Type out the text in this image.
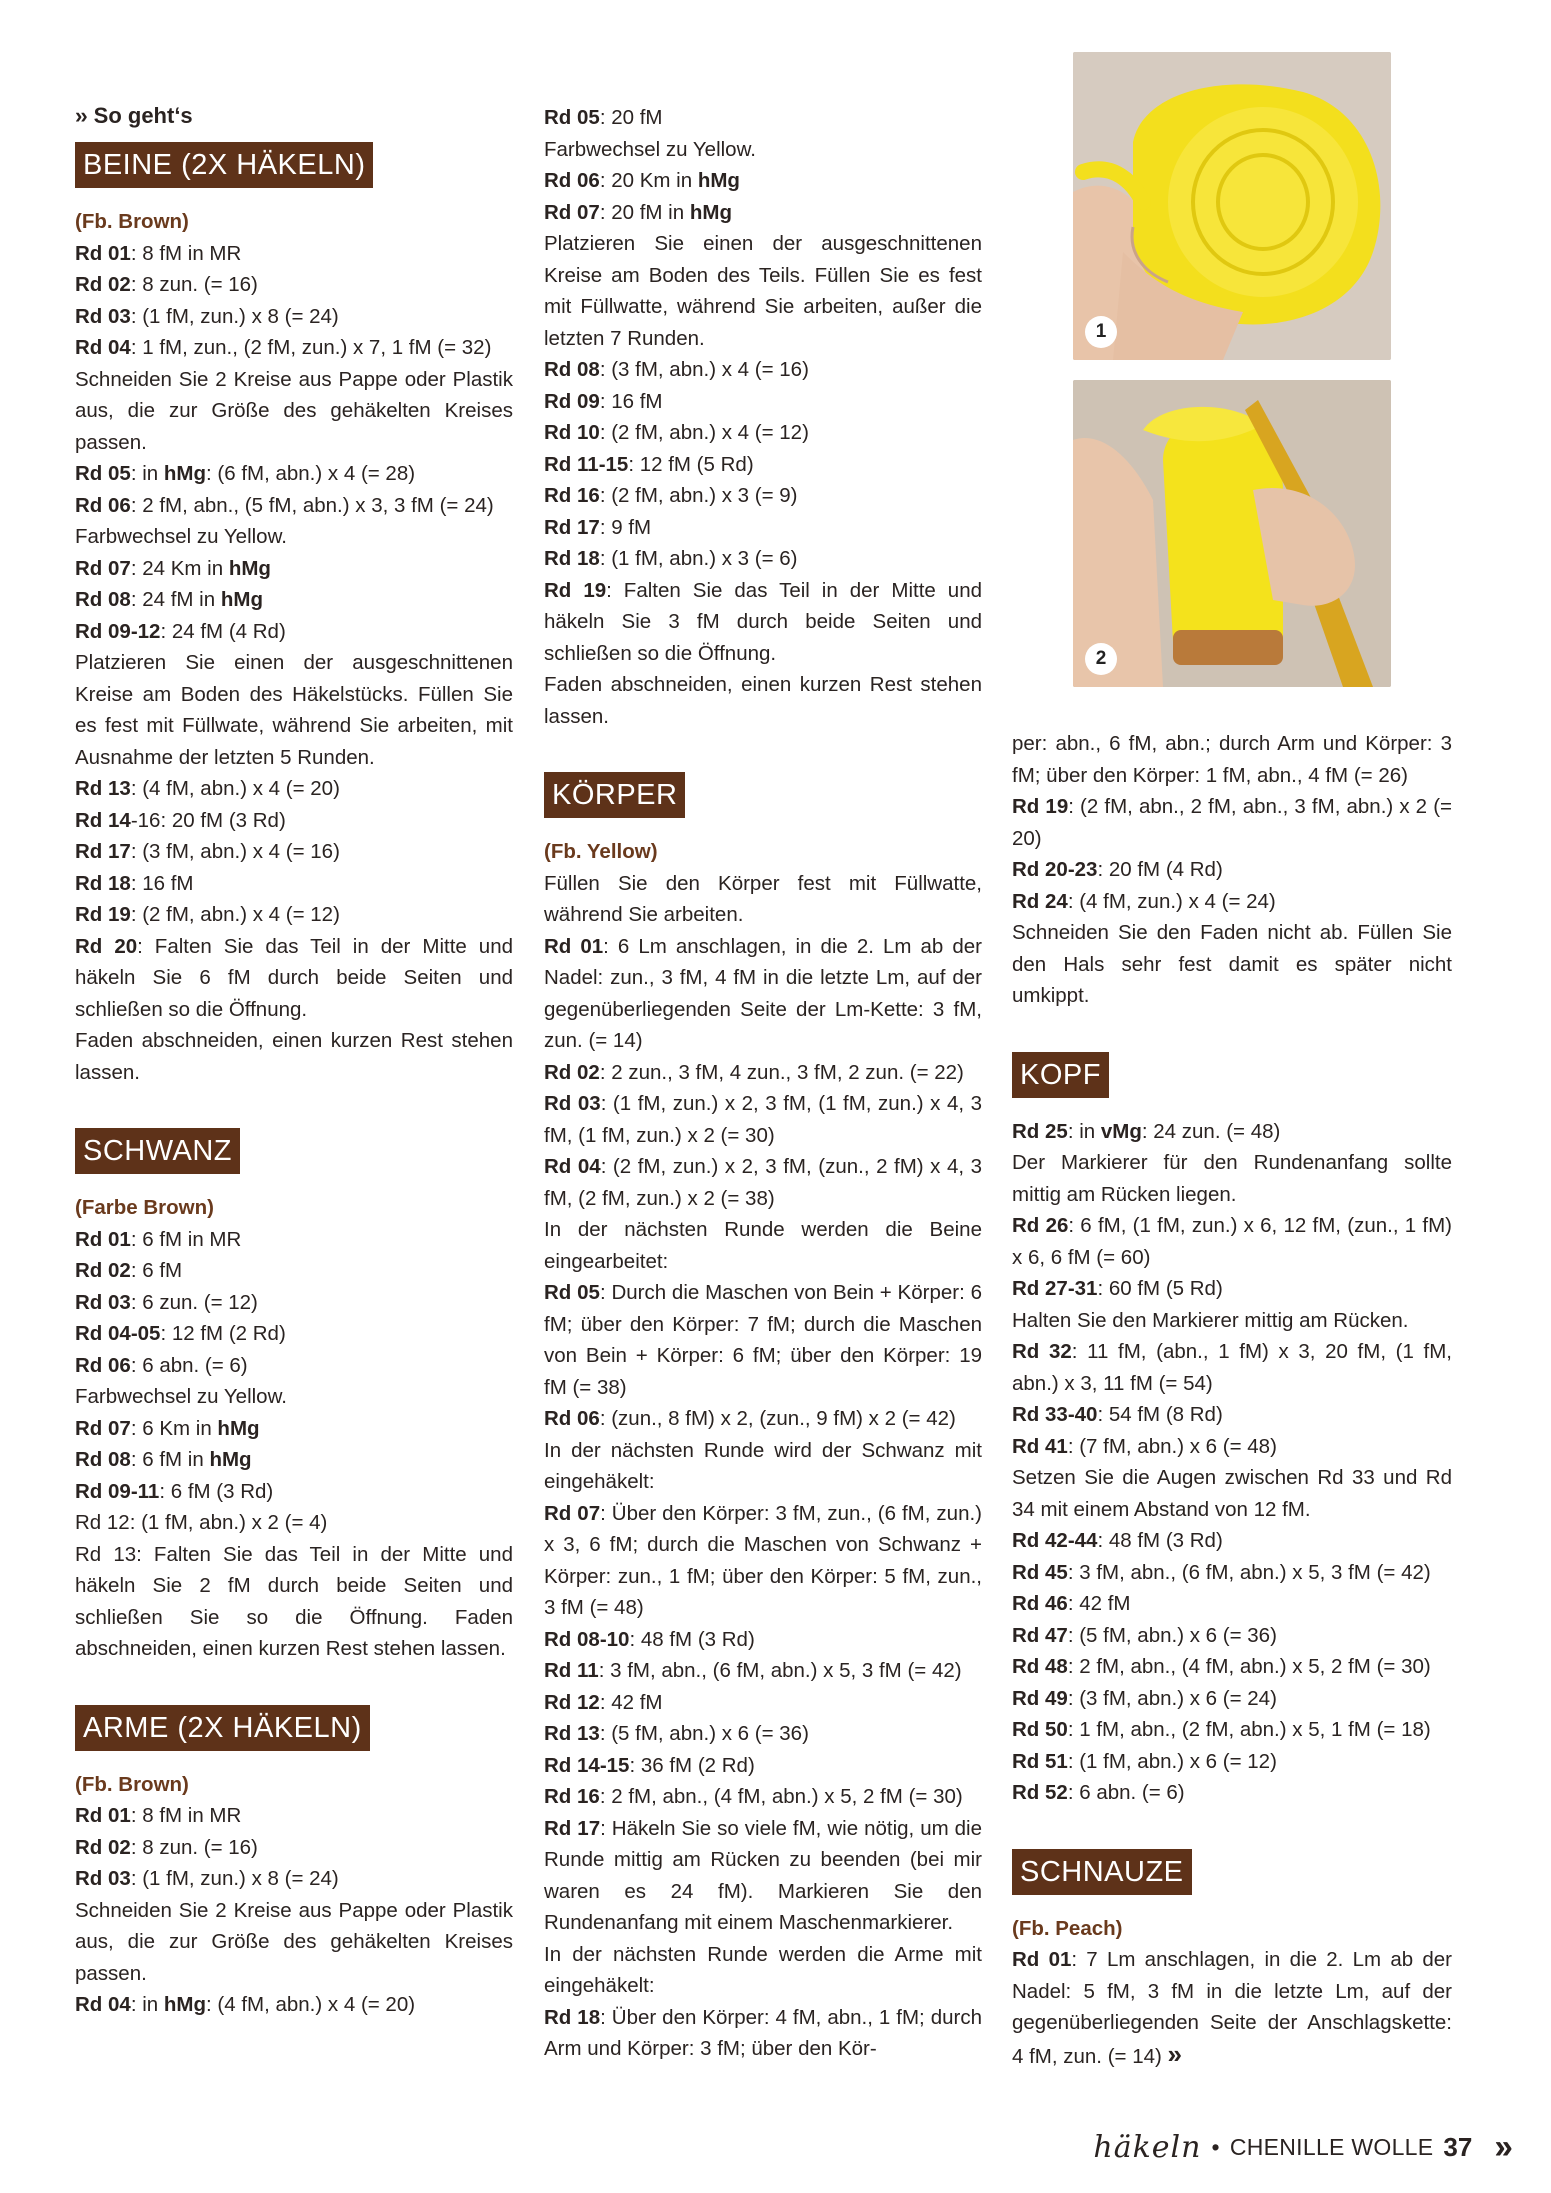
›› So geht‘s

BEINE (2X HÄKELN)

(Fb. Brown)

Rd 01: 8 fM in MR

Rd 02: 8 zun. (= 16)

Rd 03: (1 fM, zun.) x 8 (= 24)

Rd 04: 1 fM, zun., (2 fM, zun.) x 7, 1 fM (= 32)

Schneiden Sie 2 Kreise aus Pappe oder Plastik aus, die zur Größe des gehäkelten Kreises passen.

Rd 05: in hMg: (6 fM, abn.) x 4 (= 28)

Rd 06: 2 fM, abn., (5 fM, abn.) x 3, 3 fM (= 24)

Farbwechsel zu Yellow.

Rd 07: 24 Km in hMg

Rd 08: 24 fM in hMg

Rd 09-12: 24 fM (4 Rd)

Platzieren Sie einen der ausgeschnittenen Kreise am Boden des Häkelstücks. Füllen Sie es fest mit Füllwate, während Sie arbeiten, mit Ausnahme der letzten 5 Runden.

Rd 13: (4 fM, abn.) x 4 (= 20)

Rd 14-16: 20 fM (3 Rd)

Rd 17: (3 fM, abn.) x 4 (= 16)

Rd 18: 16 fM

Rd 19: (2 fM, abn.) x 4 (= 12)

Rd 20: Falten Sie das Teil in der Mitte und häkeln Sie 6 fM durch beide Seiten und schließen so die Öffnung.

Faden abschneiden, einen kurzen Rest stehen lassen.

SCHWANZ

(Farbe Brown)

Rd 01: 6 fM in MR

Rd 02: 6 fM

Rd 03: 6 zun. (= 12)

Rd 04-05: 12 fM (2 Rd)

Rd 06: 6 abn. (= 6)

Farbwechsel zu Yellow.

Rd 07: 6 Km in hMg

Rd 08: 6 fM in hMg

Rd 09-11: 6 fM (3 Rd)

Rd 12: (1 fM, abn.) x 2 (= 4)

Rd 13: Falten Sie das Teil in der Mitte und häkeln Sie 2 fM durch beide Seiten und schließen Sie so die Öffnung. Faden abschneiden, einen kurzen Rest stehen lassen.

ARME (2X HÄKELN)

(Fb. Brown)

Rd 01: 8 fM in MR

Rd 02: 8 zun. (= 16)

Rd 03: (1 fM, zun.) x 8 (= 24)

Schneiden Sie 2 Kreise aus Pappe oder Plastik aus, die zur Größe des gehäkelten Kreises passen.

Rd 04: in hMg: (4 fM, abn.) x 4 (= 20)

Rd 05: 20 fM

Farbwechsel zu Yellow.

Rd 06: 20 Km in hMg

Rd 07: 20 fM in hMg

Platzieren Sie einen der ausgeschnittenen Kreise am Boden des Teils. Füllen Sie es fest mit Füllwatte, während Sie arbeiten, außer die letzten 7 Runden.

Rd 08: (3 fM, abn.) x 4 (= 16)

Rd 09: 16 fM

Rd 10: (2 fM, abn.) x 4 (= 12)

Rd 11-15: 12 fM (5 Rd)

Rd 16: (2 fM, abn.) x 3 (= 9)

Rd 17: 9 fM

Rd 18: (1 fM, abn.) x 3 (= 6)

Rd 19: Falten Sie das Teil in der Mitte und häkeln Sie 3 fM durch beide Seiten und schließen so die Öffnung.

Faden abschneiden, einen kurzen Rest stehen lassen.

KÖRPER

(Fb. Yellow)

Füllen Sie den Körper fest mit Füllwatte, während Sie arbeiten.

Rd 01: 6 Lm anschlagen, in die 2. Lm ab der Nadel: zun., 3 fM, 4 fM in die letzte Lm, auf der gegenüberliegenden Seite der Lm-Kette: 3 fM, zun. (= 14)

Rd 02: 2 zun., 3 fM, 4 zun., 3 fM, 2 zun. (= 22)

Rd 03: (1 fM, zun.) x 2, 3 fM, (1 fM, zun.) x 4, 3 fM, (1 fM, zun.) x 2 (= 30)

Rd 04: (2 fM, zun.) x 2, 3 fM, (zun., 2 fM) x 4, 3 fM, (2 fM, zun.) x 2 (= 38)

In der nächsten Runde werden die Beine eingearbeitet:

Rd 05: Durch die Maschen von Bein + Körper: 6 fM; über den Körper: 7 fM; durch die Maschen von Bein + Körper: 6 fM; über den Körper: 19 fM (= 38)

Rd 06: (zun., 8 fM) x 2, (zun., 9 fM) x 2 (= 42)

In der nächsten Runde wird der Schwanz mit eingehäkelt:

Rd 07: Über den Körper: 3 fM, zun., (6 fM, zun.) x 3, 6 fM; durch die Maschen von Schwanz + Körper: zun., 1 fM; über den Körper: 5 fM, zun., 3 fM (= 48)

Rd 08-10: 48 fM (3 Rd)

Rd 11: 3 fM, abn., (6 fM, abn.) x 5, 3 fM (= 42)

Rd 12: 42 fM

Rd 13: (5 fM, abn.) x 6 (= 36)

Rd 14-15: 36 fM (2 Rd)

Rd 16: 2 fM, abn., (4 fM, abn.) x 5, 2 fM (= 30)

Rd 17: Häkeln Sie so viele fM, wie nötig, um die Runde mittig am Rücken zu beenden (bei mir waren es 24 fM). Markieren Sie den Rundenanfang mit einem Maschenmarkierer.

In der nächsten Runde werden die Arme mit eingehäkelt:

Rd 18: Über den Körper: 4 fM, abn., 1 fM; durch Arm und Körper: 3 fM; über den Kör-

1
2

per: abn., 6 fM, abn.; durch Arm und Körper: 3 fM; über den Körper: 1 fM, abn., 4 fM (= 26)

Rd 19: (2 fM, abn., 2 fM, abn., 3 fM, abn.) x 2 (= 20)

Rd 20-23: 20 fM (4 Rd)

Rd 24: (4 fM, zun.) x 4 (= 24)

Schneiden Sie den Faden nicht ab. Füllen Sie den Hals sehr fest damit es später nicht umkippt.

KOPF

Rd 25: in vMg: 24 zun. (= 48)

Der Markierer für den Rundenanfang sollte mittig am Rücken liegen.

Rd 26: 6 fM, (1 fM, zun.) x 6, 12 fM, (zun., 1 fM) x 6, 6 fM (= 60)

Rd 27-31: 60 fM (5 Rd)

Halten Sie den Markierer mittig am Rücken.

Rd 32: 11 fM, (abn., 1 fM) x 3, 20 fM, (1 fM, abn.) x 3, 11 fM (= 54)

Rd 33-40: 54 fM (8 Rd)

Rd 41: (7 fM, abn.) x 6 (= 48)

Setzen Sie die Augen zwischen Rd 33 und Rd 34 mit einem Abstand von 12 fM.

Rd 42-44: 48 fM (3 Rd)

Rd 45: 3 fM, abn., (6 fM, abn.) x 5, 3 fM (= 42)

Rd 46: 42 fM

Rd 47: (5 fM, abn.) x 6 (= 36)

Rd 48: 2 fM, abn., (4 fM, abn.) x 5, 2 fM (= 30)

Rd 49: (3 fM, abn.) x 6 (= 24)

Rd 50: 1 fM, abn., (2 fM, abn.) x 5, 1 fM (= 18)

Rd 51: (1 fM, abn.) x 6 (= 12)

Rd 52: 6 abn. (= 6)

SCHNAUZE

(Fb. Peach)

Rd 01: 7 Lm anschlagen, in die 2. Lm ab der Nadel: 5 fM, 3 fM in die letzte Lm, auf der gegenüberliegenden Seite der Anschlagskette: 4 fM, zun. (= 14) »

häkeln • CHENILLE WOLLE 37 ››
